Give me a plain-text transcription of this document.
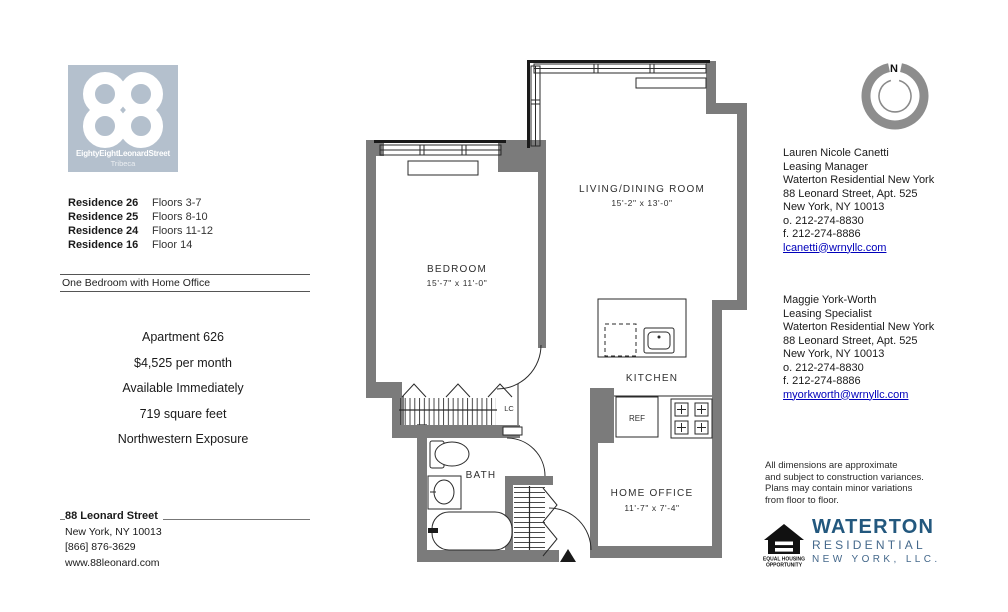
EightyEightLeonardStreet
Tribeca
Residence 26	Floors 3-7
Residence 25	Floors 8-10
Residence 24	Floors 11-12
Residence 16	Floor 14
One Bedroom with Home Office
Apartment 626
$4,525 per month
Available Immediately
719 square feet
Northwestern Exposure
88 Leonard Street
New York, NY 10013
[866] 876-3629
www.88leonard.com
Lauren Nicole Canetti
Leasing Manager
Waterton Residential New York
88 Leonard Street, Apt. 525
New York, NY 10013
o. 212-274-8830
f. 212-274-8886
lcanetti@wrnyllc.com
Maggie York-Worth
Leasing Specialist
Waterton Residential New York
88 Leonard Street, Apt. 525
New York, NY 10013
o. 212-274-8830
f. 212-274-8886
myorkworth@wrnyllc.com
All dimensions are approximate
and subject to construction variances.
Plans may contain minor variations
from floor to floor.
EQUAL HOUSING
OPPORTUNITY
WATERTON
RESIDENTIAL
NEW YORK, LLC.
LC
REF
LIVING/DINING ROOM
15'-2" x 13'-0"
BEDROOM
15'-7" x 11'-0"
KITCHEN
BATH
HOME OFFICE
11'-7" x 7'-4"
N
